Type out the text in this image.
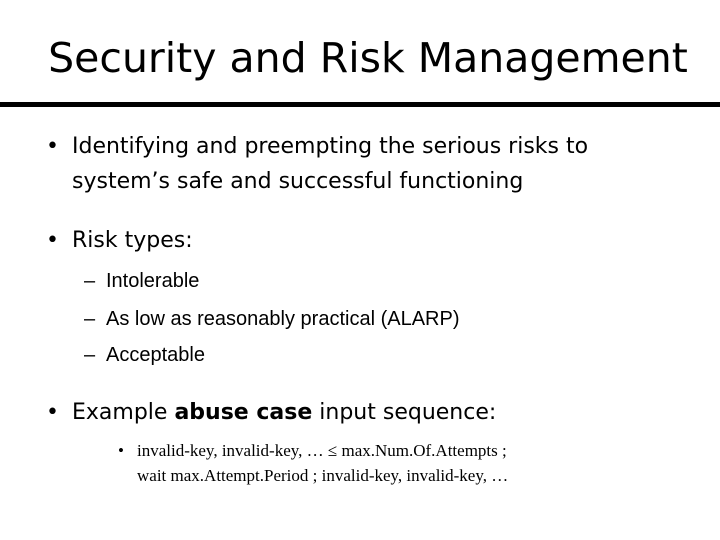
Security and Risk Management
• Identifying and preempting the serious risks to
system’s safe and successful functioning
• Risk types:
– Intolerable
– As low as reasonably practical (ALARP)
– Acceptable
• Example abuse case input sequence:
• invalid-key, invalid-key, … ≤ max.Num.Of.Attempts ;
wait max.Attempt.Period ; invalid-key, invalid-key, …
